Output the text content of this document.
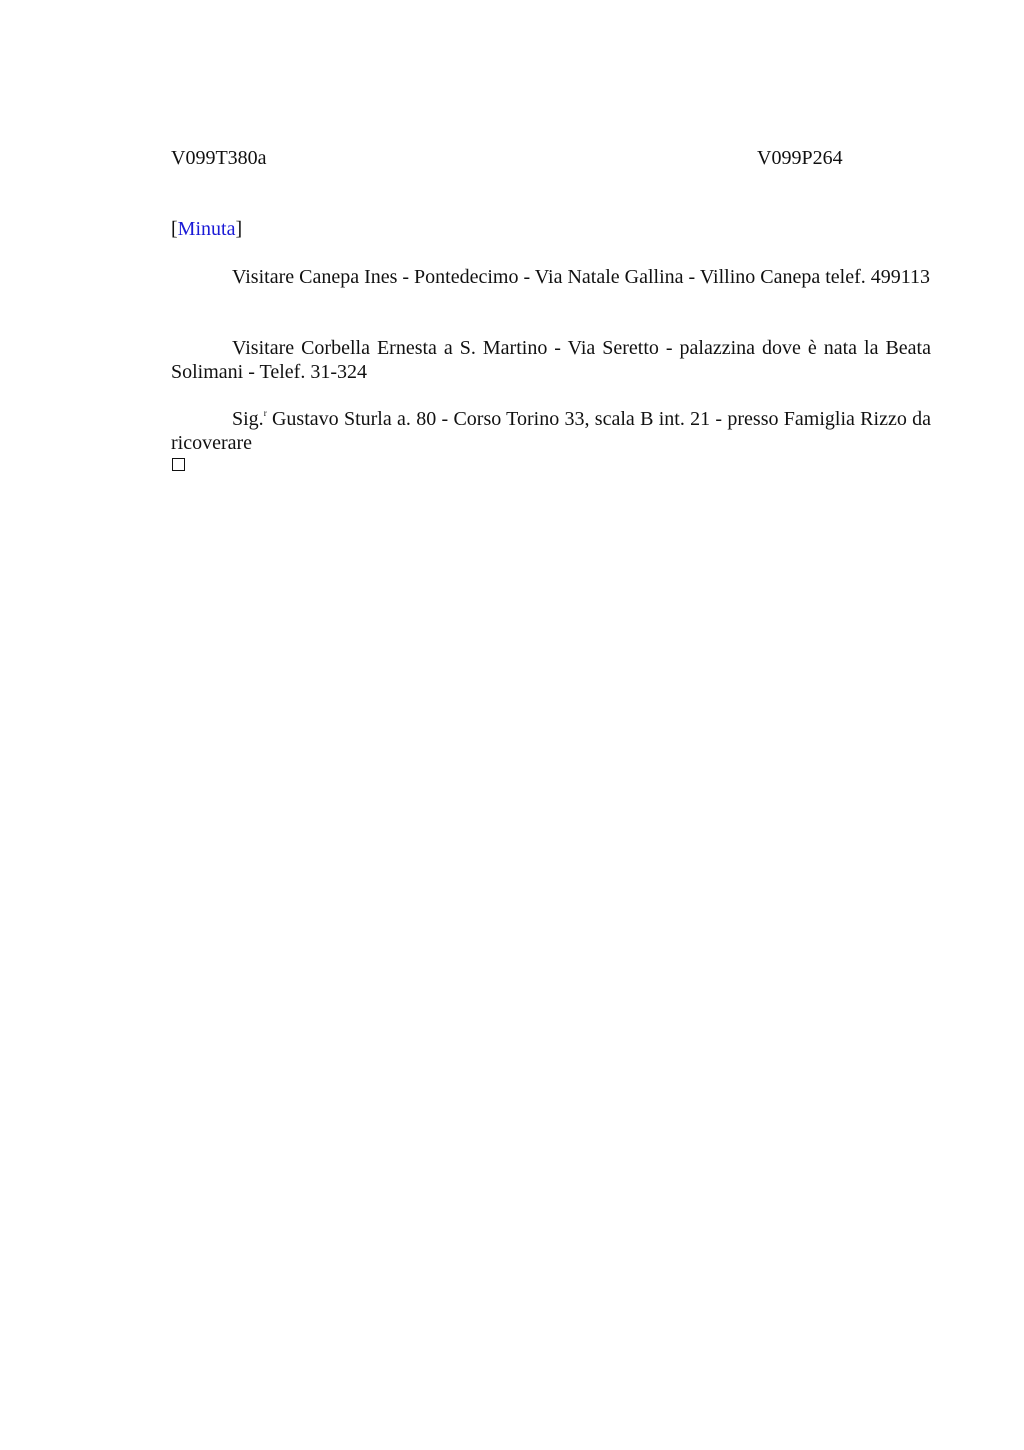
V099T380a	V099P264
[Minuta]

Visitare Canepa Ines - Pontedecimo - Via Natale Gallina - Villino Canepa telef. 499113

Visitare Corbella Ernesta a S. Martino - Via Seretto - palazzina dove è nata la Beata Solimani - Telef. 31-324

Sig.$^r$ Gustavo Sturla a. 80 - Corso Torino 33, scala B int. 21 - presso Famiglia Rizzo da ricoverare
